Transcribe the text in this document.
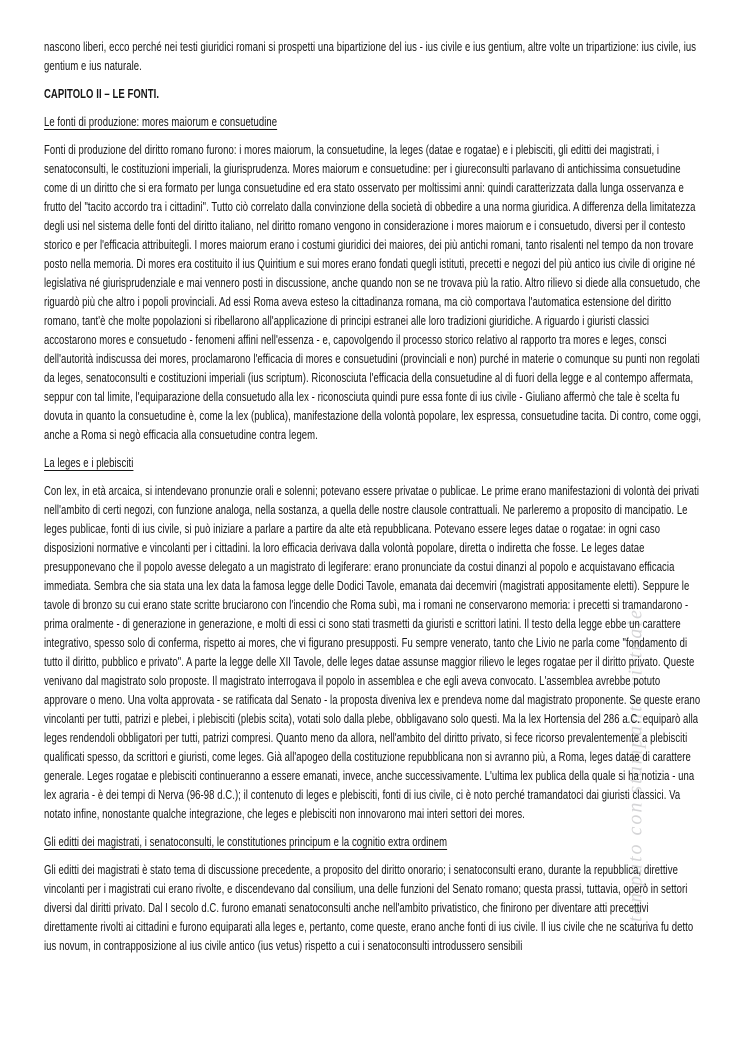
stampato con stampante virtuale

nascono liberi, ecco perché nei testi giuridici romani si prospetti una bipartizione del ius - ius civile e ius gentium, altre volte un tripartizione: ius civile, ius gentium e ius naturale.

CAPITOLO II – LE FONTI.

Le fonti di produzione: mores maiorum e consuetudine

Fonti di produzione del diritto romano furono: i mores maiorum, la consuetudine, la leges (datae e rogatae) e i plebisciti, gli editti dei magistrati, i senatoconsulti, le costituzioni imperiali, la giurisprudenza. Mores maiorum e consuetudine: per i giureconsulti parlavano di antichissima consuetudine come di un diritto che si era formato per lunga consuetudine ed era stato osservato per moltissimi anni: quindi caratterizzata dalla lunga osservanza e frutto del "tacito accordo tra i cittadini". Tutto ciò correlato dalla convinzione della società di obbedire a una norma giuridica. A differenza della limitatezza degli usi nel sistema delle fonti del diritto italiano, nel diritto romano vengono in considerazione i mores maiorum e i consuetudo, diversi per il contesto storico e per l'efficacia attribuitegli. I mores maiorum erano i costumi giuridici dei maiores, dei più antichi romani, tanto risalenti nel tempo da non trovare posto nella memoria. Di mores era costituito il ius Quiritium e sui mores erano fondati quegli istituti, precetti e negozi del più antico ius civile di origine né legislativa né giurisprudenziale e mai vennero posti in discussione, anche quando non se ne trovava più la ratio. Altro rilievo si diede alla consuetudo, che riguardò più che altro i popoli provinciali. Ad essi Roma aveva esteso la cittadinanza romana, ma ciò comportava l'automatica estensione del diritto romano, tant'è che molte popolazioni si ribellarono all'applicazione di principi estranei alle loro tradizioni giuridiche. A riguardo i giuristi classici accostarono mores e consuetudo - fenomeni affini nell'essenza - e, capovolgendo il processo storico relativo al rapporto tra mores e leges, consci dell'autorità indiscussa dei mores, proclamarono l'efficacia di mores e consuetudini (provinciali e non) purché in materie o comunque su punti non regolati da leges, senatoconsulti e costituzioni imperiali (ius scriptum). Riconosciuta l'efficacia della consuetudine al di fuori della legge e al contempo affermata, seppur con tal limite, l'equiparazione della consuetudo alla lex - riconosciuta quindi pure essa fonte di ius civile - Giuliano affermò che tale è scelta fu dovuta in quanto la consuetudine è, come la lex (publica), manifestazione della volontà popolare, lex espressa, consuetudine tacita. Di contro, come oggi, anche a Roma si negò efficacia alla consuetudine contra legem.

La leges e i plebisciti

Con lex, in età arcaica, si intendevano pronunzie orali e solenni; potevano essere privatae o publicae. Le prime erano manifestazioni di volontà dei privati nell'ambito di certi negozi, con funzione analoga, nella sostanza, a quella delle nostre clausole contrattuali. Ne parleremo a proposito di mancipatio. Le leges publicae, fonti di ius civile, si può iniziare a parlare a partire da alte età repubblicana. Potevano essere leges datae o rogatae: in ogni caso disposizioni normative e vincolanti per i cittadini. la loro efficacia derivava dalla volontà popolare, diretta o indiretta che fosse. Le leges datae presupponevano che il popolo avesse delegato a un magistrato di legiferare: erano pronunciate da costui dinanzi al popolo e acquistavano efficacia immediata. Sembra che sia stata una lex data la famosa legge delle Dodici Tavole, emanata dai decemviri (magistrati appositamente eletti). Seppure le tavole di bronzo su cui erano state scritte bruciarono con l'incendio che Roma subì, ma i romani ne conservarono memoria: i precetti si tramandarono - prima oralmente - di generazione in generazione, e molti di essi ci sono stati trasmetti da giuristi e scrittori latini. Il testo della legge ebbe un carattere integrativo, spesso solo di conferma, rispetto ai mores, che vi figurano presupposti. Fu sempre venerato, tanto che Livio ne parla come "fondamento di tutto il diritto, pubblico e privato". A parte la legge delle XII Tavole, delle leges datae assunse maggior rilievo le leges rogatae per il diritto privato. Queste venivano dal magistrato solo proposte. Il magistrato interrogava il popolo in assemblea e che egli aveva convocato. L'assemblea avrebbe potuto approvare o meno. Una volta approvata - se ratificata dal Senato - la proposta diveniva lex e prendeva nome dal magistrato proponente. Se queste erano vincolanti per tutti, patrizi e plebei, i plebisciti (plebis scita), votati solo dalla plebe, obbligavano solo questi. Ma la lex Hortensia del 286 a.C. equiparò alla leges rendendoli obbligatori per tutti, patrizi compresi. Quanto meno da allora, nell'ambito del diritto privato, si fece ricorso prevalentemente a plebisciti qualificati spesso, da scrittori e giuristi, come leges. Già all'apogeo della costituzione repubblicana non si avranno più, a Roma, leges datae di carattere generale. Leges rogatae e plebisciti continueranno a essere emanati, invece, anche successivamente. L'ultima lex publica della quale si ha notizia - una lex agraria - è dei tempi di Nerva (96-98 d.C.); il contenuto di leges e plebisciti, fonti di ius civile, ci è noto perché tramandatoci dai giuristi classici. Va notato infine, nonostante qualche integrazione, che leges e plebisciti non innovarono mai interi settori dei mores.

Gli editti dei magistrati, i senatoconsulti, le constitutiones principum e la cognitio extra ordinem

Gli editti dei magistrati è stato tema di discussione precedente, a proposito del diritto onorario; i senatoconsulti erano, durante la repubblica, direttive vincolanti per i magistrati cui erano rivolte, e discendevano dal consilium, una delle funzioni del Senato romano; questa prassi, tuttavia, operò in settori diversi dal diritti privato. Dal I secolo d.C. furono emanati senatoconsulti anche nell'ambito privatistico, che finirono per diventare atti precettivi direttamente rivolti ai cittadini e furono equiparati alla leges e, pertanto, come queste, erano anche fonti di ius civile. Il ius civile che ne scaturiva fu detto ius novum, in contrapposizione al ius civile antico (ius vetus) rispetto a cui i senatoconsulti introdussero sensibili
